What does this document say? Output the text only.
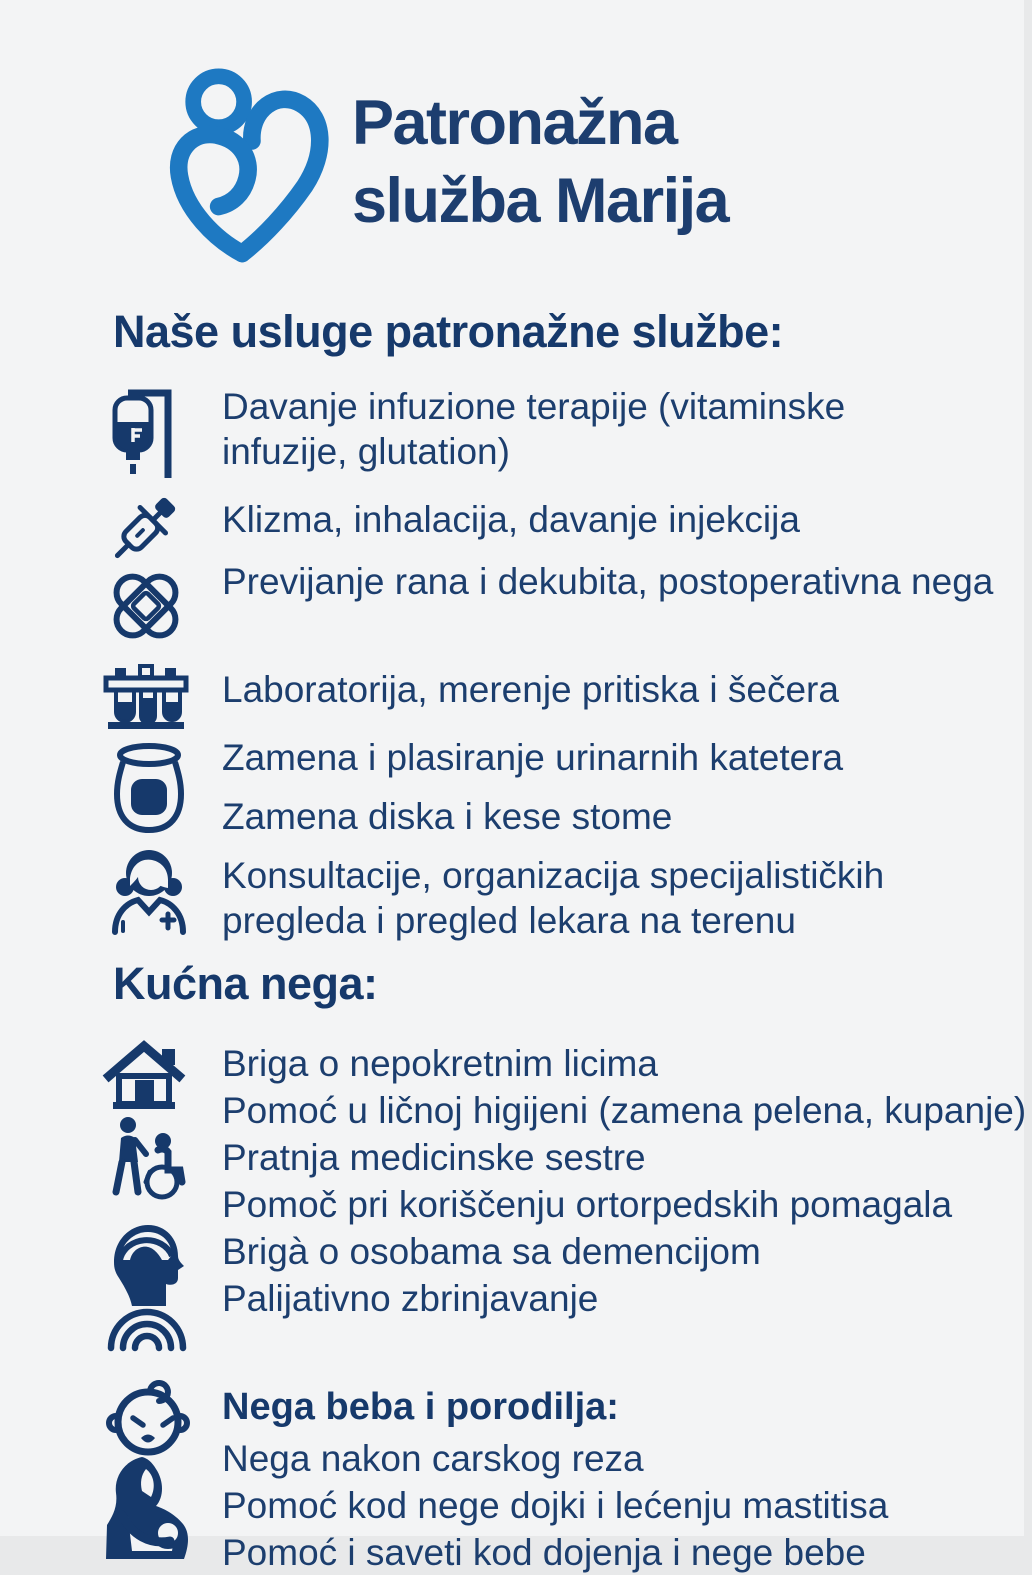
Patronažna
služba Marija
Naše usluge patronažne službe:
Davanje infuzione terapije (vitaminske infuzije, glutation)
Klizma, inhalacija, davanje injekcija
Previjanje rana i dekubita, postoperativna nega
Laboratorija, merenje pritiska i šečera
Zamena i plasiranje urinarnih katetera
Zamena diska i kese stome
Konsultacije, organizacija specijalističkih pregleda i pregled lekara na terenu
Kućna nega:
Briga o nepokretnim licima
Pomoć u ličnoj higijeni (zamena pelena, kupanje)
Pratnja medicinske sestre
Pomoč pri koriščenju ortorpedskih pomagala
Brigà o osobama sa demencijom
Palijativno zbrinjavanje
Nega beba i porodilja:
Nega nakon carskog reza
Pomoć kod nege dojki i lećenju mastitisa
Pomoć i saveti kod dojenja i nege bebe
